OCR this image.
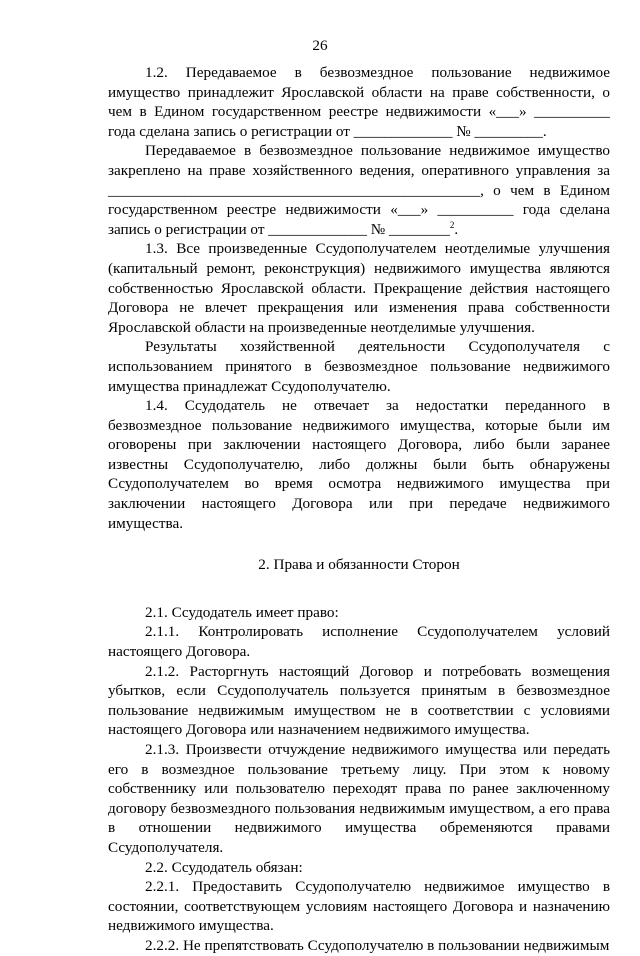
26

1.2. Передаваемое в безвозмездное пользование недвижимое имущество принадлежит Ярославской области на праве собственности, о чем в Едином государственном реестре недвижимости «___» __________ года сделана запись о регистрации от _____________ № _________.

Передаваемое в безвозмездное пользование недвижимое имущество закреплено на праве хозяйственного ведения, оперативного управления за _________________________________________________, о чем в Едином государственном реестре недвижимости «___» __________ года сделана запись о регистрации от _____________ № ________$^2$.

1.3. Все произведенные Ссудополучателем неотделимые улучшения (капитальный ремонт, реконструкция) недвижимого имущества являются собственностью Ярославской области. Прекращение действия настоящего Договора не влечет прекращения или изменения права собственности Ярославской области на произведенные неотделимые улучшения.

Результаты хозяйственной деятельности Ссудополучателя с использованием принятого в безвозмездное пользование недвижимого имущества принадлежат Ссудополучателю.

1.4. Ссудодатель не отвечает за недостатки переданного в безвозмездное пользование недвижимого имущества, которые были им оговорены при заключении настоящего Договора, либо были заранее известны Ссудополучателю, либо должны были быть обнаружены Ссудополучателем во время осмотра недвижимого имущества при заключении настоящего Договора или при передаче недвижимого имущества.

2. Права и обязанности Сторон

2.1. Ссудодатель имеет право:

2.1.1. Контролировать исполнение Ссудополучателем условий настоящего Договора.

2.1.2. Расторгнуть настоящий Договор и потребовать возмещения убытков, если Ссудополучатель пользуется принятым в безвозмездное пользование недвижимым имуществом не в соответствии с условиями настоящего Договора или назначением недвижимого имущества.

2.1.3. Произвести отчуждение недвижимого имущества или передать его в возмездное пользование третьему лицу. При этом к новому собственнику или пользователю переходят права по ранее заключенному договору безвозмездного пользования недвижимым имуществом, а его права в отношении недвижимого имущества обременяются правами Ссудополучателя.

2.2. Ссудодатель обязан:

2.2.1. Предоставить Ссудополучателю недвижимое имущество в состоянии, соответствующем условиям настоящего Договора и назначению недвижимого имущества.

2.2.2. Не препятствовать Ссудополучателю в пользовании недвижимым
